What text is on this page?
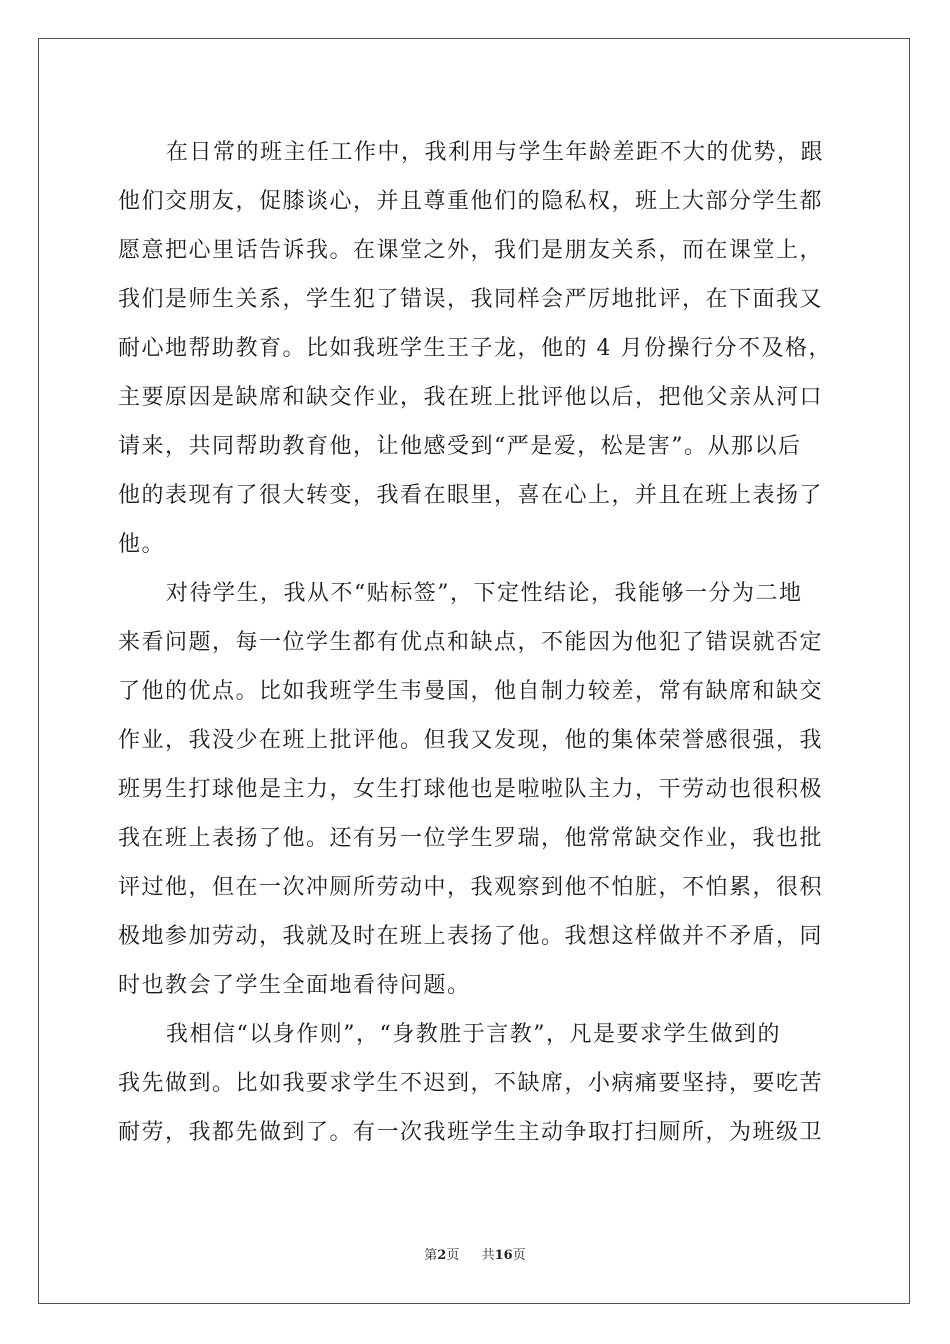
在日常的班主任工作中，我利用与学生年龄差距不大的优势，跟
他们交朋友，促膝谈心，并且尊重他们的隐私权，班上大部分学生都
愿意把心里话告诉我。在课堂之外，我们是朋友关系，而在课堂上，
我们是师生关系，学生犯了错误，我同样会严厉地批评，在下面我又
耐心地帮助教育。比如我班学生王子龙，他的 4 月份操行分不及格，
主要原因是缺席和缺交作业，我在班上批评他以后，把他父亲从河口
请来，共同帮助教育他，让他感受到“严是爱，松是害”。从那以后
他的表现有了很大转变，我看在眼里，喜在心上，并且在班上表扬了
他。
对待学生，我从不“贴标签”，下定性结论，我能够一分为二地
来看问题，每一位学生都有优点和缺点，不能因为他犯了错误就否定
了他的优点。比如我班学生韦曼国，他自制力较差，常有缺席和缺交
作业，我没少在班上批评他。但我又发现，他的集体荣誉感很强，我
班男生打球他是主力，女生打球他也是啦啦队主力，干劳动也很积极
我在班上表扬了他。还有另一位学生罗瑞，他常常缺交作业，我也批
评过他，但在一次冲厕所劳动中，我观察到他不怕脏，不怕累，很积
极地参加劳动，我就及时在班上表扬了他。我想这样做并不矛盾，同
时也教会了学生全面地看待问题。
我相信“以身作则”，“身教胜于言教”，凡是要求学生做到的
我先做到。比如我要求学生不迟到，不缺席，小病痛要坚持，要吃苦
耐劳，我都先做到了。有一次我班学生主动争取打扫厕所，为班级卫
第2页 共16页
